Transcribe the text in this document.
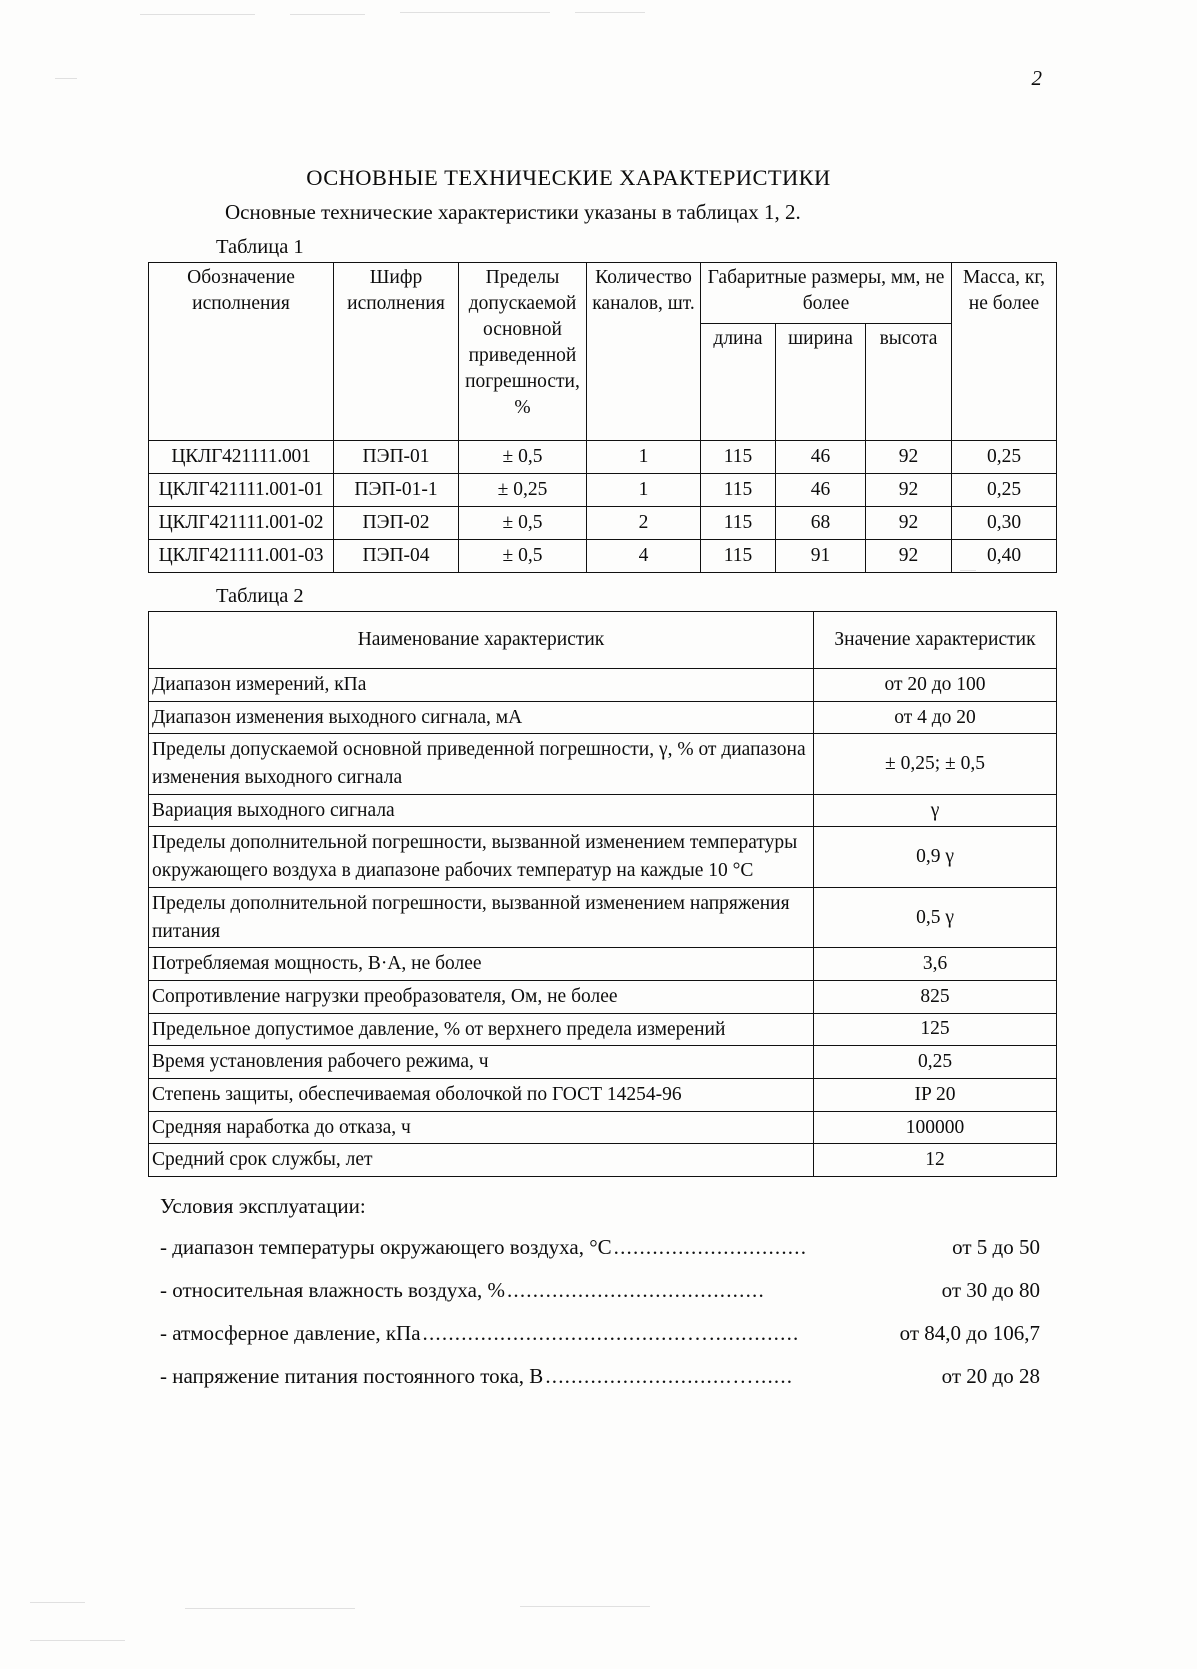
2
ОСНОВНЫЕ ТЕХНИЧЕСКИЕ ХАРАКТЕРИСТИКИ
Основные технические характеристики указаны в таблицах 1, 2.
Таблица 1
Обозначение исполнения	Шифр исполнения	Пределы допускаемой основной приведенной погрешности, %	Количество каналов, шт.	Габаритные размеры, мм, не более			Масса, кг, не более
				длина	ширина	высота	
ЦКЛГ421111.001	ПЭП-01	± 0,5	1	115	46	92	0,25
ЦКЛГ421111.001-01	ПЭП-01-1	± 0,25	1	115	46	92	0,25
ЦКЛГ421111.001-02	ПЭП-02	± 0,5	2	115	68	92	0,30
ЦКЛГ421111.001-03	ПЭП-04	± 0,5	4	115	91	92	0,40
Таблица 2
Наименование характеристик	Значение характеристик
Диапазон измерений, кПа	от 20 до 100
Диапазон изменения выходного сигнала, мА	от 4 до 20
Пределы допускаемой основной приведенной погрешности, γ, % от диапазона изменения выходного сигнала	± 0,25; ± 0,5
Вариация выходного сигнала	γ
Пределы дополнительной погрешности, вызванной изменением температуры окружающего воздуха в диапазоне рабочих температур на каждые 10 °С	0,9 γ
Пределы дополнительной погрешности, вызванной изменением напряжения питания	0,5 γ
Потребляемая мощность, В·А, не более	3,6
Сопротивление нагрузки преобразователя, Ом, не более	825
Предельное допустимое давление, % от верхнего предела измерений	125
Время установления рабочего режима, ч	0,25
Степень защиты, обеспечиваемая оболочкой по ГОСТ 14254-96	IP 20
Средняя наработка до отказа, ч	100000
Средний срок службы, лет	12
Условия эксплуатации:
- диапазон температуры окружающего воздуха, °С ..............................	от 5 до 50
- относительная влажность воздуха, % ........................................	от 30 до 80
- атмосферное давление, кПа .........................................…..............	от 84,0 до 106,7
- напряжение питания постоянного тока, В .............................…......	от 20 до 28
